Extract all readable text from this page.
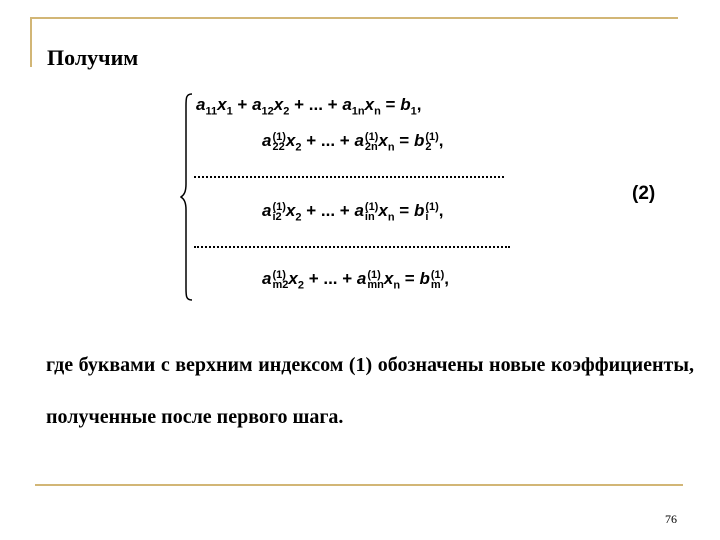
Получим
$a_{11}x_1 + a_{12}x_2$ + ... + $a_{1n}x_n = b_1$,
a (1)
22 $x_2$ + ... + a (1)
2n $x_n = b$ (1)
2 ,
a (1)
i2 $x_2$ + ... + a (1)
in $x_n = b$ (1)
i ,
a (1)
m2 $x_2$ + ... + a (1)
mn $x_n = b$ (1)
m ,
(2)
где буквами с верхним индексом (1) обозначены новые коэффициенты, полученные после первого шага.
76
